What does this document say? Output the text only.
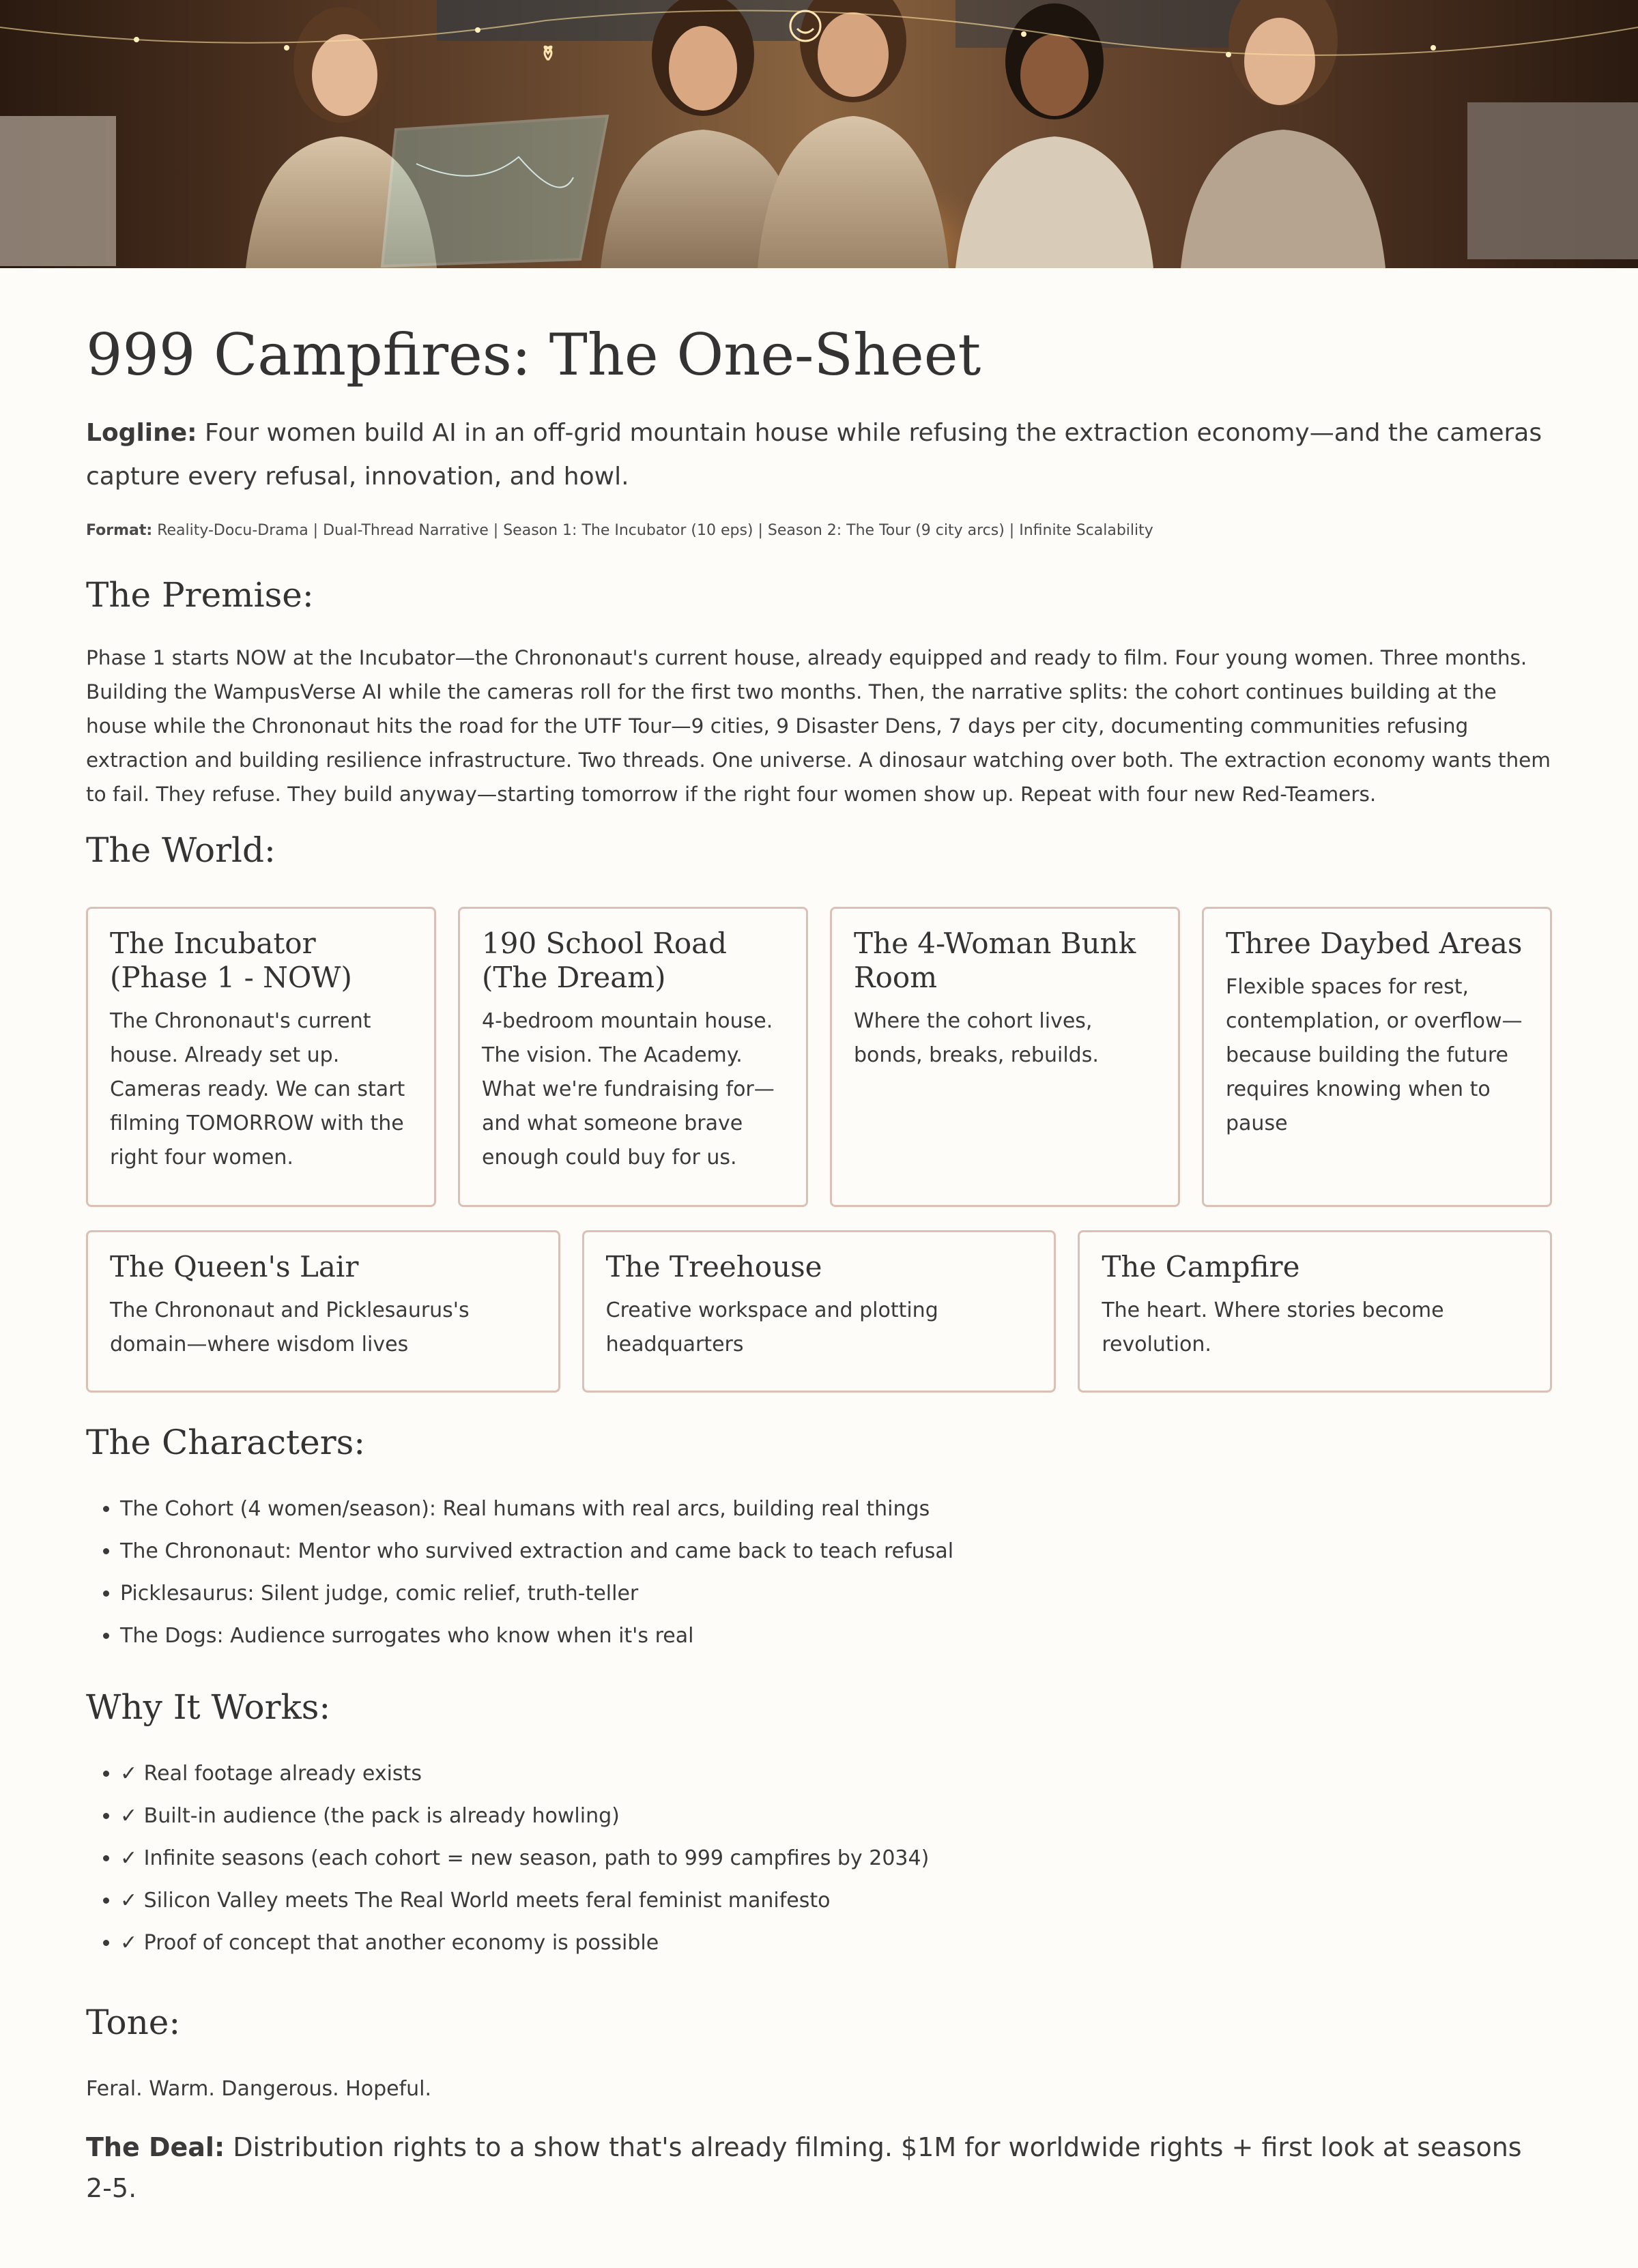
999 Campfires: The One-Sheet

Logline: Four women build AI in an off-grid mountain house while refusing the extraction economy—and the cameras capture every refusal, innovation, and howl.

Format: Reality-Docu-Drama | Dual-Thread Narrative | Season 1: The Incubator (10 eps) | Season 2: The Tour (9 city arcs) | Infinite Scalability

The Premise:

Phase 1 starts NOW at the Incubator—the Chrononaut's current house, already equipped and ready to film. Four young women. Three months. Building the WampusVerse AI while the cameras roll for the first two months. Then, the narrative splits: the cohort continues building at the house while the Chrononaut hits the road for the UTF Tour—9 cities, 9 Disaster Dens, 7 days per city, documenting communities refusing extraction and building resilience infrastructure. Two threads. One universe. A dinosaur watching over both. The extraction economy wants them to fail. They refuse. They build anyway—starting tomorrow if the right four women show up. Repeat with four new Red-Teamers.

The World:
The Incubator (Phase 1 - NOW)
The Chrononaut's current house. Already set up. Cameras ready. We can start filming TOMORROW with the right four women.
190 School Road (The Dream)
4-bedroom mountain house. The vision. The Academy. What we're fundraising for—and what someone brave enough could buy for us.
The 4-Woman Bunk Room
Where the cohort lives, bonds, breaks, rebuilds.
Three Daybed Areas
Flexible spaces for rest, contemplation, or overflow—because building the future requires knowing when to pause
The Queen's Lair
The Chrononaut and Picklesaurus's domain—where wisdom lives
The Treehouse
Creative workspace and plotting headquarters
The Campfire
The heart. Where stories become revolution.
The Characters:
• The Cohort (4 women/season): Real humans with real arcs, building real things
• The Chrononaut: Mentor who survived extraction and came back to teach refusal
• Picklesaurus: Silent judge, comic relief, truth-teller
• The Dogs: Audience surrogates who know when it's real
Why It Works:
• ✓ Real footage already exists
• ✓ Built-in audience (the pack is already howling)
• ✓ Infinite seasons (each cohort = new season, path to 999 campfires by 2034)
• ✓ Silicon Valley meets The Real World meets feral feminist manifesto
• ✓ Proof of concept that another economy is possible
Tone:

Feral. Warm. Dangerous. Hopeful.

The Deal: Distribution rights to a show that's already filming. $1M for worldwide rights + first look at seasons 2-5.
